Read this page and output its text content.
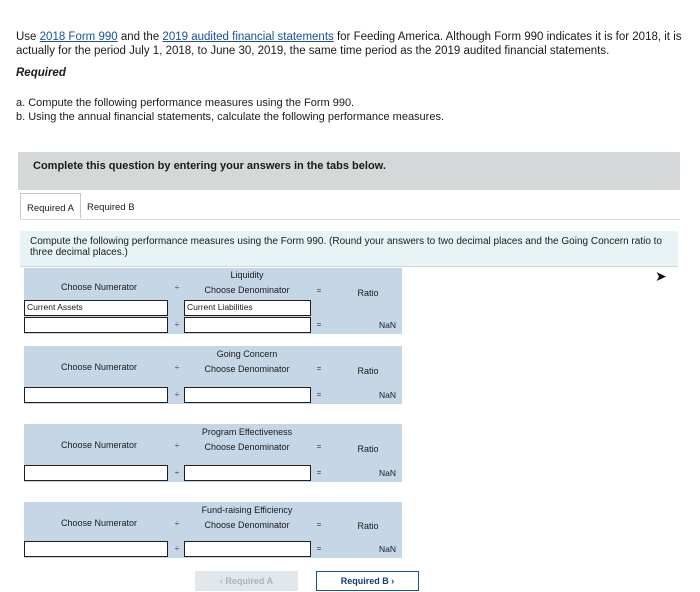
Use 2018 Form 990 and the 2019 audited financial statements for Feeding America. Although Form 990 indicates it is for 2018, it is actually for the period July 1, 2018, to June 30, 2019, the same time period as the 2019 audited financial statements.
Required
a. Compute the following performance measures using the Form 990.
b. Using the annual financial statements, calculate the following performance measures.
Complete this question by entering your answers in the tabs below.
Required A	Required B
Compute the following performance measures using the Form 990. (Round your answers to two decimal places and the Going Concern ratio to three decimal places.)
Liquidity
Choose Numerator	÷	Choose Denominator	=	Ratio
Current Assets	Current Liabilities
÷	=	NaN
Going Concern
Choose Numerator	÷	Choose Denominator	=	Ratio
÷	=	NaN
Program Effectiveness
Choose Numerator	÷	Choose Denominator	=	Ratio
÷	=	NaN
Fund-raising Efficiency
Choose Numerator	÷	Choose Denominator	=	Ratio
÷	=	NaN
‹ Required A	Required B ›
➤
